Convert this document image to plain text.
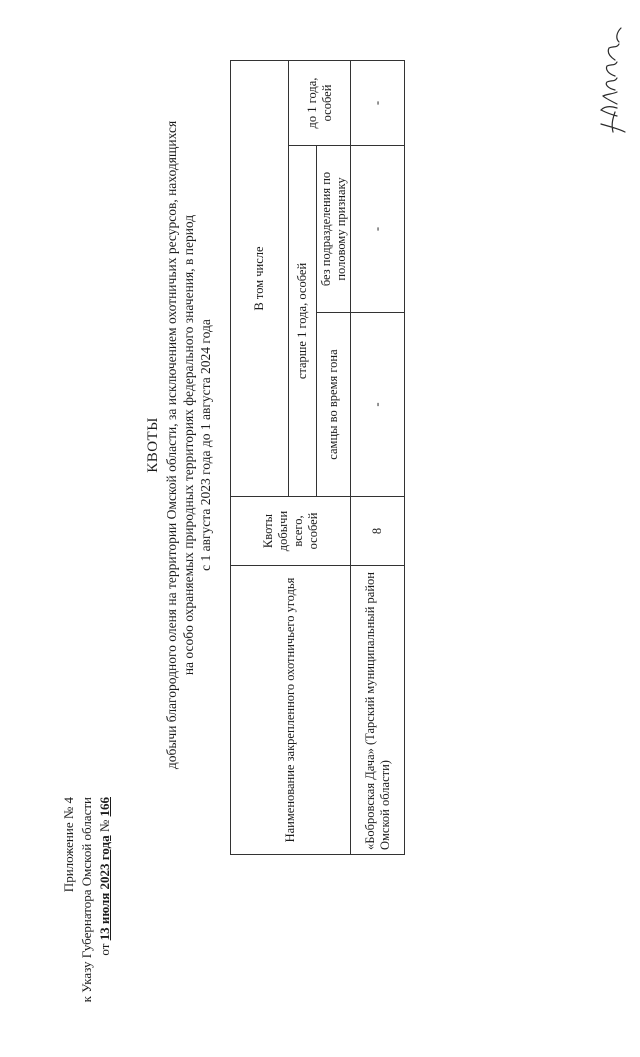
Приложение № 4 к Указу Губернатора Омской области от 13 июля 2023 года № 166
КВОТЫ добычи благородного оленя на территории Омской области, за исключением охотничьих ресурсов, находящихся на особо охраняемых природных территориях федерального значения, в период с 1 августа 2023 года до 1 августа 2024 года
Наименование закрепленного охотничьего угодья
Квоты добычи всего, особей
В том числе	старше 1 года, особей
самцы во время гона
без подразделения по половому признаку
до 1 года, особей
«Бобровская Дача» (Тарский муниципальный район Омской области)
8
-
-
-
